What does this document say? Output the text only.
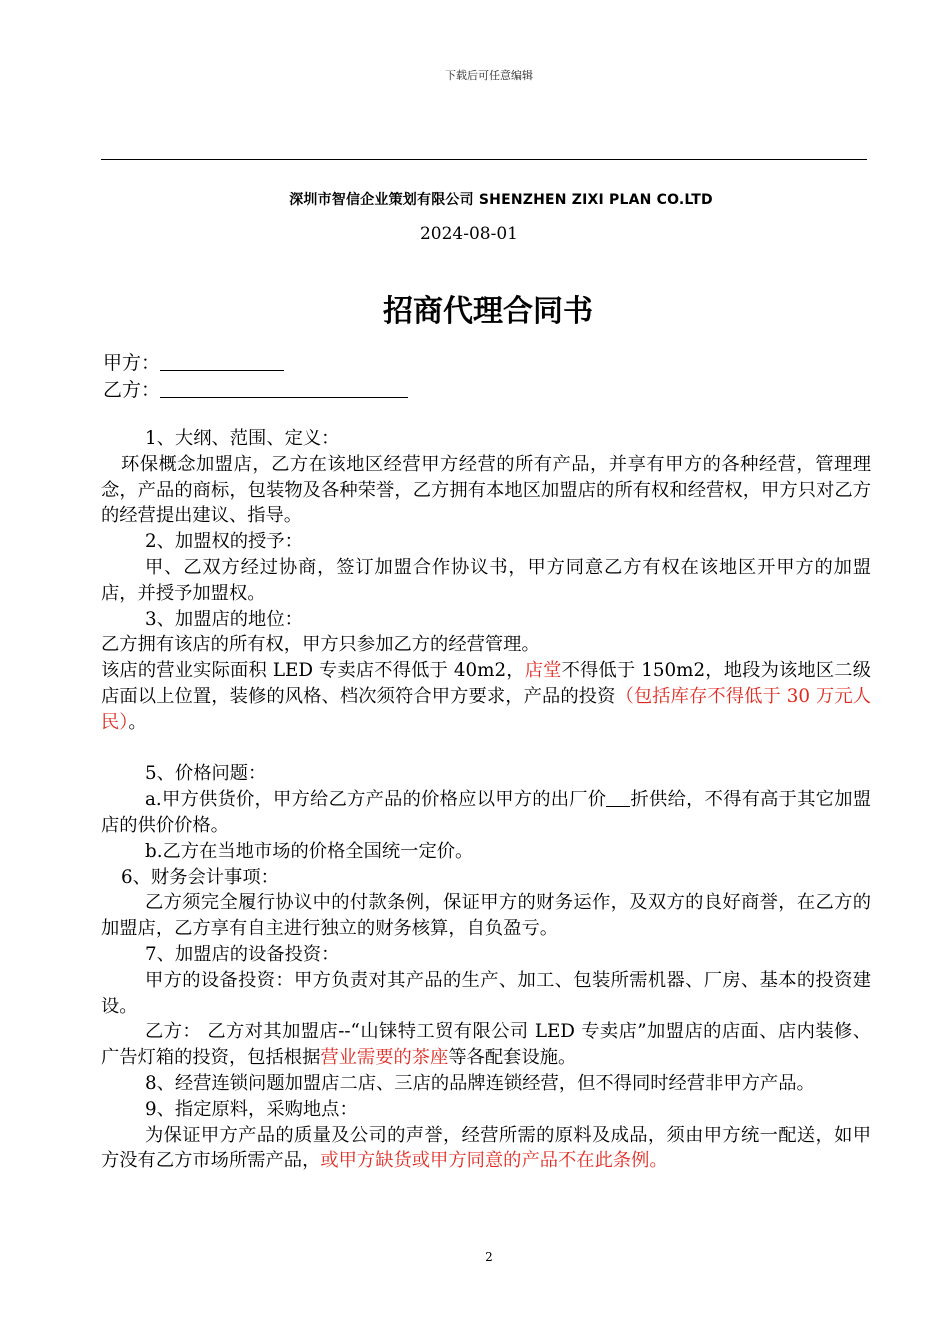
下载后可任意编辑
深圳市智信企业策划有限公司 SHENZHEN ZIXI PLAN CO.LTD
2024-08-01
招商代理合同书
甲方：
乙方：

1、大纲、范围、定义：

环保概念加盟店，乙方在该地区经营甲方经营的所有产品，并享有甲方的各种经营，管理理念，产品的商标，包装物及各种荣誉，乙方拥有本地区加盟店的所有权和经营权，甲方只对乙方的经营提出建议、指导。

2、加盟权的授予：

甲、乙双方经过协商，签订加盟合作协议书，甲方同意乙方有权在该地区开甲方的加盟店，并授予加盟权。

3、加盟店的地位：

乙方拥有该店的所有权，甲方只参加乙方的经营管理。

该店的营业实际面积 LED 专卖店不得低于 40m2，店堂不得低于 150m2，地段为该地区二级店面以上位置，装修的风格、档次须符合甲方要求，产品的投资（包括库存不得低于 30 万元人民）。

5、价格问题：

a.甲方供货价，甲方给乙方产品的价格应以甲方的出厂价 折供给，不得有高于其它加盟店的供价价格。

b.乙方在当地市场的价格全国统一定价。

6、财务会计事项：

乙方须完全履行协议中的付款条例，保证甲方的财务运作，及双方的良好商誉，在乙方的加盟店，乙方享有自主进行独立的财务核算，自负盈亏。

7、加盟店的设备投资：

甲方的设备投资：甲方负责对其产品的生产、加工、包装所需机器、厂房、基本的投资建设。

乙方： 乙方对其加盟店--“山铼特工贸有限公司 LED 专卖店”加盟店的店面、店内装修、广告灯箱的投资，包括根据营业需要的茶座等各配套设施。

8、经营连锁问题加盟店二店、三店的品牌连锁经营，但不得同时经营非甲方产品。

9、指定原料，采购地点：

为保证甲方产品的质量及公司的声誉，经营所需的原料及成品，须由甲方统一配送，如甲方没有乙方市场所需产品，或甲方缺货或甲方同意的产品不在此条例。

2
